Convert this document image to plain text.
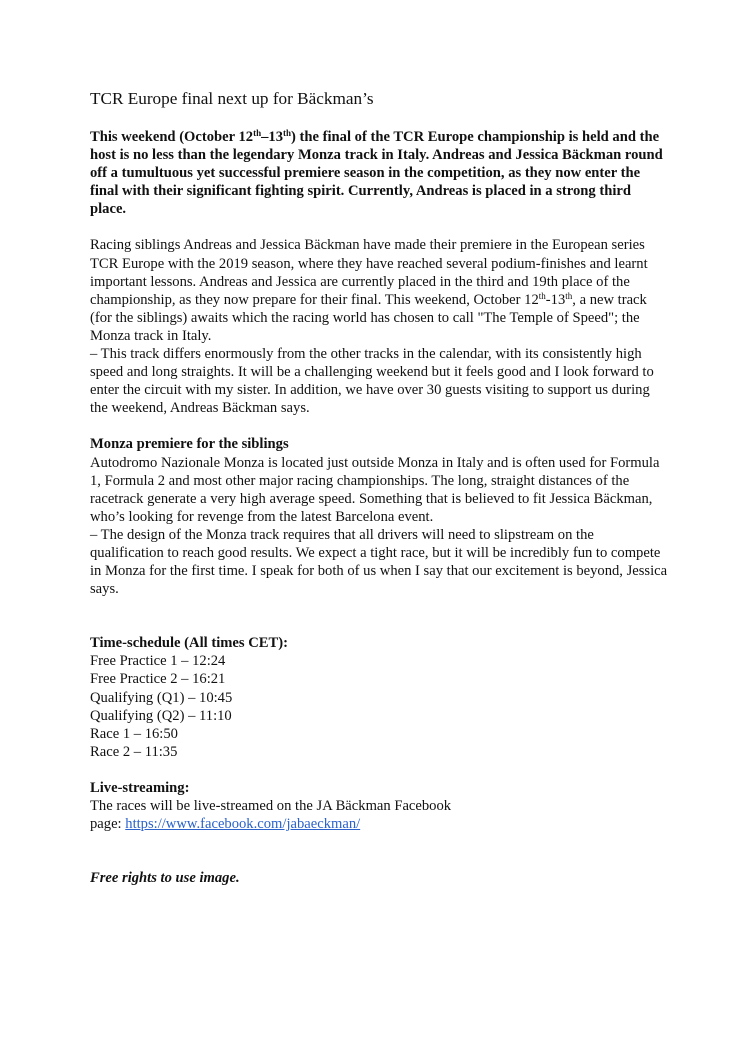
TCR Europe final next up for Bäckman’s

This weekend (October 12th–13th) the final of the TCR Europe championship is held and the host is no less than the legendary Monza track in Italy. Andreas and Jessica Bäckman round off a tumultuous yet successful premiere season in the competition, as they now enter the final with their significant fighting spirit. Currently, Andreas is placed in a strong third place.

Racing siblings Andreas and Jessica Bäckman have made their premiere in the European series TCR Europe with the 2019 season, where they have reached several podium-finishes and learnt important lessons. Andreas and Jessica are currently placed in the third and 19th place of the championship, as they now prepare for their final. This weekend, October 12th-13th, a new track (for the siblings) awaits which the racing world has chosen to call "The Temple of Speed"; the Monza track in Italy.

– This track differs enormously from the other tracks in the calendar, with its consistently high speed and long straights. It will be a challenging weekend but it feels good and I look forward to enter the circuit with my sister. In addition, we have over 30 guests visiting to support us during the weekend, Andreas Bäckman says.

Monza premiere for the siblings

Autodromo Nazionale Monza is located just outside Monza in Italy and is often used for Formula 1, Formula 2 and most other major racing championships. The long, straight distances of the racetrack generate a very high average speed. Something that is believed to fit Jessica Bäckman, who’s looking for revenge from the latest Barcelona event.

– The design of the Monza track requires that all drivers will need to slipstream on the qualification to reach good results. We expect a tight race, but it will be incredibly fun to compete in Monza for the first time. I speak for both of us when I say that our excitement is beyond, Jessica says.

Time-schedule (All times CET):

Free Practice 1 – 12:24
Free Practice 2 – 16:21
Qualifying (Q1) – 10:45
Qualifying (Q2) – 11:10
Race 1 – 16:50
Race 2 – 11:35

Live-streaming:

The races will be live-streamed on the JA Bäckman Facebook

page: https://www.facebook.com/jabaeckman/

Free rights to use image.
